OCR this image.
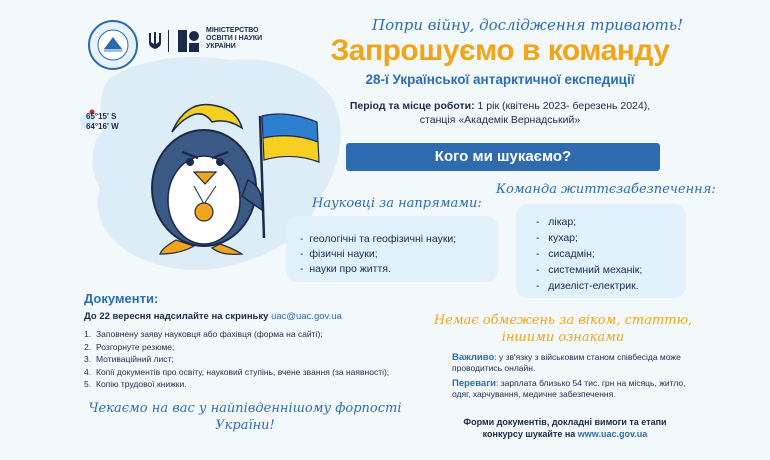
65°15' S
64°16' W
МІНІСТЕРСТВО
ОСВІТИ І НАУКИ
УКРАЇНИ
Попри війну, дослідження тривають!
Запрошуємо в команду
28-ї Української антарктичної експедиції
Період та місце роботи: 1 рік (квітень 2023- березень 2024),
станція «Академік Вернадський»
Кого ми шукаємо?
Науковці за напрямами:
-  геологічні та геофізичні науки;
-  фізичні науки;
-  науки про життя.
Команда життєзабезпечення:
-   лікар;
-   кухар;
-   сисадмін;
-   системний механік;
-   дизеліст-електрик.
Документи:
До 22 вересня надсилайте на скриньку uac@uac.gov.ua
1. Заповнену заяву науковця або фахівця (форма на сайті);
2. Розгорнуте резюме;
3. Мотиваційний лист;
4. Копії документів про освіту, науковий ступінь, вчене звання (за наявності);
5. Копію трудової книжки.
Чекаємо на вас у найпівденнішому форпості
України!
Немає обмежень за віком, статтю,
іншими ознаками
Важливо: у зв'язку з військовим станом співбесіда може проводитись онлайн.
Переваги: зарплата близько 54 тис. грн на місяць, житло, одяг, харчування, медичне забезпечення.
Форми документів, докладні вимоги та етапи
конкурсу шукайте на www.uac.gov.ua
